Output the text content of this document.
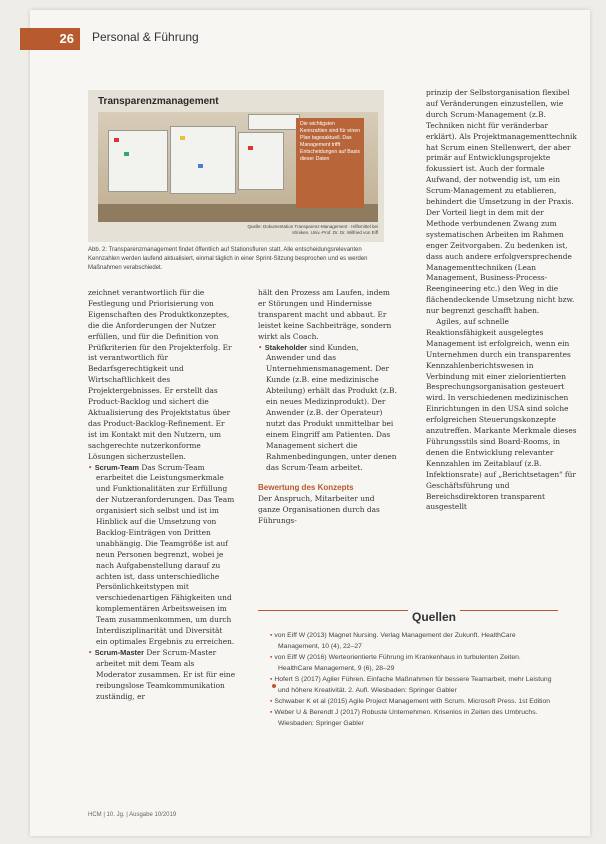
26	Personal & Führung
Transparenzmanagement
Die wichtigsten Kennzahlen sind für einen Plan tagesaktuell. Das Management trifft Entscheidungen auf Basis dieser Daten
Quelle: Dokumentation Transparenz-Management · Hilfsmittel bei Kliniken. Univ.-Prof. Dr. Dr. Wilfried von Eiff
Abb. 2: Transparenzmanagement findet öffentlich auf Stationsfluren statt. Alle entscheidungsrelevanten Kennzahlen werden laufend aktualisiert, einmal täglich in einer Sprint-Sitzung besprochen und es werden Maßnahmen verabschiedet.

zeichnet verantwortlich für die Festlegung und Priorisierung von Eigenschaften des Produktkonzeptes, die die Anforderungen der Nutzer erfüllen, und für die Definition von Prüfkriterien für den Projekterfolg. Er ist verantwortlich für Bedarfsgerechtigkeit und Wirtschaftlichkeit des Projektergebnisses. Er erstellt das Product-Backlog und sichert die Aktualisierung des Projektstatus über das Product-Backlog-Refinement. Er ist im Kontakt mit den Nutzern, um sachgerechte nutzerkonforme Lösungen sicherzustellen.

• Scrum-Team Das Scrum-Team erarbeitet die Leistungsmerkmale und Funktionalitäten zur Erfüllung der Nutzeranforderungen. Das Team organisiert sich selbst und ist im Hinblick auf die Umsetzung von Backlog-Einträgen von Dritten unabhängig. Die Teamgröße ist auf neun Personen begrenzt, wobei je nach Aufgabenstellung darauf zu achten ist, dass unterschiedliche Persönlichkeitstypen mit verschiedenartigen Fähigkeiten und komplementären Arbeitsweisen im Team zusammenkommen, um durch Interdisziplinarität und Diversität ein optimales Ergebnis zu erreichen.

• Scrum-Master Der Scrum-Master arbeitet mit dem Team als Moderator zusammen. Er ist für eine reibungslose Teamkommunikation zuständig, er

hält den Prozess am Laufen, indem er Störungen und Hindernisse transparent macht und abbaut. Er leistet keine Sachbeiträge, sondern wirkt als Coach.

• Stakeholder sind Kunden, Anwender und das Unternehmensmanagement. Der Kunde (z.B. eine medizinische Abteilung) erhält das Produkt (z.B. ein neues Medizinprodukt). Der Anwender (z.B. der Operateur) nutzt das Produkt unmittelbar bei einem Eingriff am Patienten. Das Management sichert die Rahmenbedingungen, unter denen das Scrum-Team arbeitet.

Bewertung des Konzepts

Der Anspruch, Mitarbeiter und ganze Organisationen durch das Führungs-

prinzip der Selbstorganisation flexibel auf Veränderungen einzustellen, wie durch Scrum-Management (z.B. Techniken nicht für veränderbar erklärt). Als Projektmanagementtechnik hat Scrum einen Stellenwert, der aber primär auf Entwicklungsprojekte fokussiert ist. Auch der formale Aufwand, der notwendig ist, um ein Scrum-Management zu etablieren, behindert die Umsetzung in der Praxis. Der Vorteil liegt in dem mit der Methode verbundenen Zwang zum systematischen Arbeiten im Rahmen enger Zeitvorgaben. Zu bedenken ist, dass auch andere erfolgversprechende Managementtechniken (Lean Management, Business-Process-Reengineering etc.) den Weg in die flächendeckende Umsetzung nicht bzw. nur begrenzt geschafft haben.

Agiles, auf schnelle Reaktionsfähigkeit ausgelegtes Management ist erfolgreich, wenn ein Unternehmen durch ein transparentes Kennzahlenberichtswesen in Verbindung mit einer zielorientierten Besprechungsorganisation gesteuert wird. In verschiedenen medizinischen Einrichtungen in den USA sind solche erfolgreichen Steuerungskonzepte anzutreffen. Markante Merkmale dieses Führungsstils sind Board-Rooms, in denen die Entwicklung relevanter Kennzahlen im Zeitablauf (z.B. Infektionsrate) auf „Berichtsetagen" für Geschäftsführung und Bereichsdirektoren transparent ausgestellt

Quellen
▪ von Eiff W (2013) Magnet Nursing. Verlag Management der Zukunft. HealthCare Management, 10 (4), 22–27
▪ von Eiff W (2016) Werteorientierte Führung im Krankenhaus in turbulenten Zeiten. HealthCare Management, 9 (6), 28–29
▪ Hofert S (2017) Agiler Führen. Einfache Maßnahmen für bessere Teamarbeit, mehr Leistung und höhere Kreativität. 2. Aufl. Wiesbaden: Springer Gabler
▪ Schwaber K et al (2015) Agile Project Management with Scrum. Microsoft Press. 1st Edition
▪ Weber U & Berendt J (2017) Robuste Unternehmen. Krisenlos in Zeiten des Umbruchs. Wiesbaden: Springer Gabler
HCM | 10. Jg. | Ausgabe 10/2019
